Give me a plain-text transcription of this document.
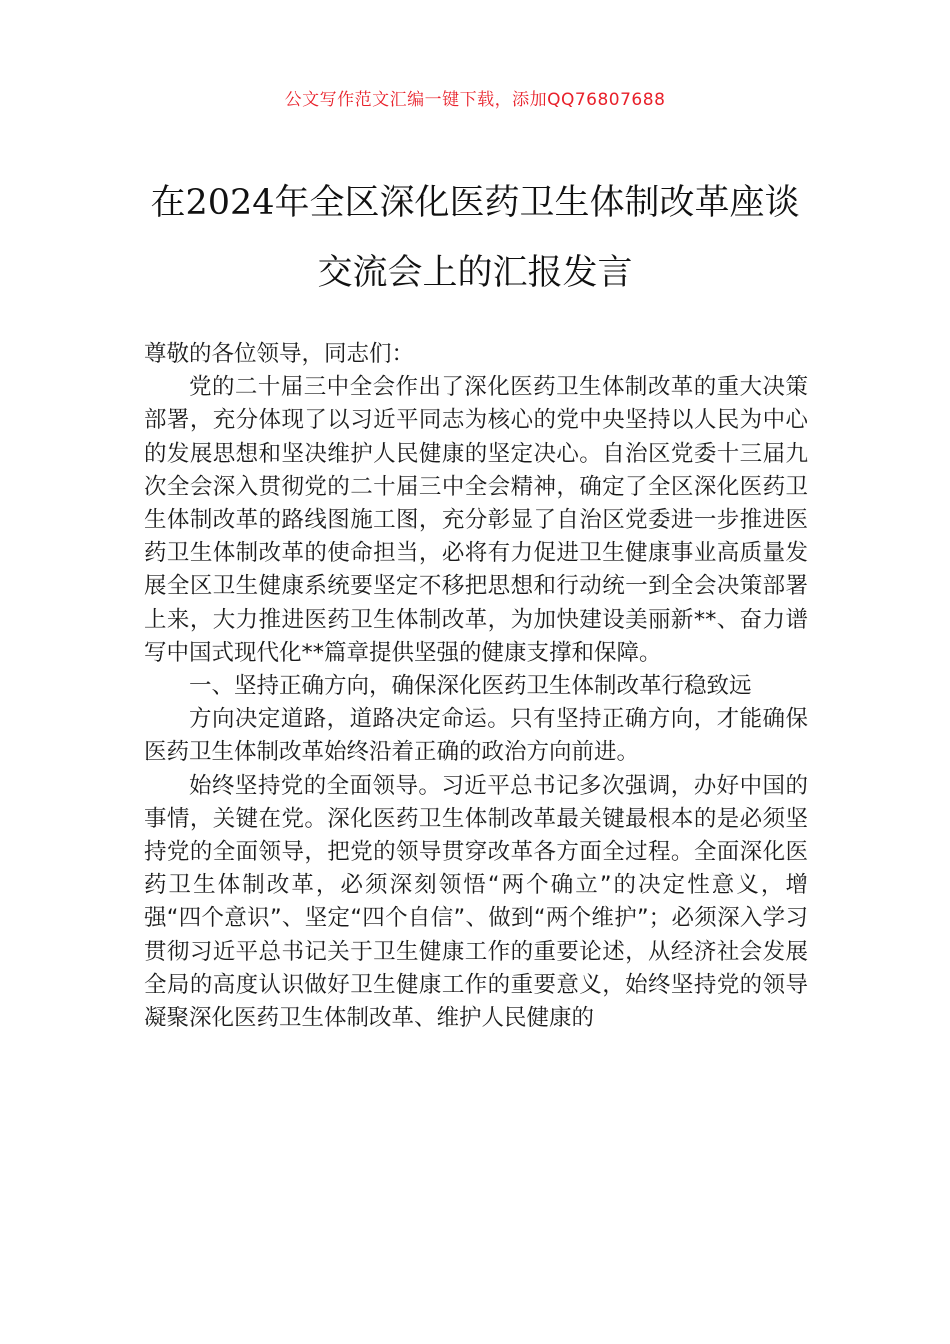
公文写作范文汇编一键下载，添加QQ76807688
在2024年全区深化医药卫生体制改革座谈
交流会上的汇报发言

尊敬的各位领导，同志们：

党的二十届三中全会作出了深化医药卫生体制改革的重大决策部署，充分体现了以习近平同志为核心的党中央坚持以人民为中心的发展思想和坚决维护人民健康的坚定决心。自治区党委十三届九次全会深入贯彻党的二十届三中全会精神，确定了全区深化医药卫生体制改革的路线图施工图，充分彰显了自治区党委进一步推进医药卫生体制改革的使命担当，必将有力促进卫生健康事业高质量发展全区卫生健康系统要坚定不移把思想和行动统一到全会决策部署上来，大力推进医药卫生体制改革，为加快建设美丽新**、奋力谱写中国式现代化**篇章提供坚强的健康支撑和保障。

一、坚持正确方向，确保深化医药卫生体制改革行稳致远

方向决定道路，道路决定命运。只有坚持正确方向，才能确保医药卫生体制改革始终沿着正确的政治方向前进。

始终坚持党的全面领导。习近平总书记多次强调，办好中国的事情，关键在党。深化医药卫生体制改革最关键最根本的是必须坚持党的全面领导，把党的领导贯穿改革各方面全过程。全面深化医药卫生体制改革，必须深刻领悟“两个确立”的决定性意义，增强“四个意识”、坚定“四个自信”、做到“两个维护”；必须深入学习贯彻习近平总书记关于卫生健康工作的重要论述，从经济社会发展全局的高度认识做好卫生健康工作的重要意义，始终坚持党的领导凝聚深化医药卫生体制改革、维护人民健康的
